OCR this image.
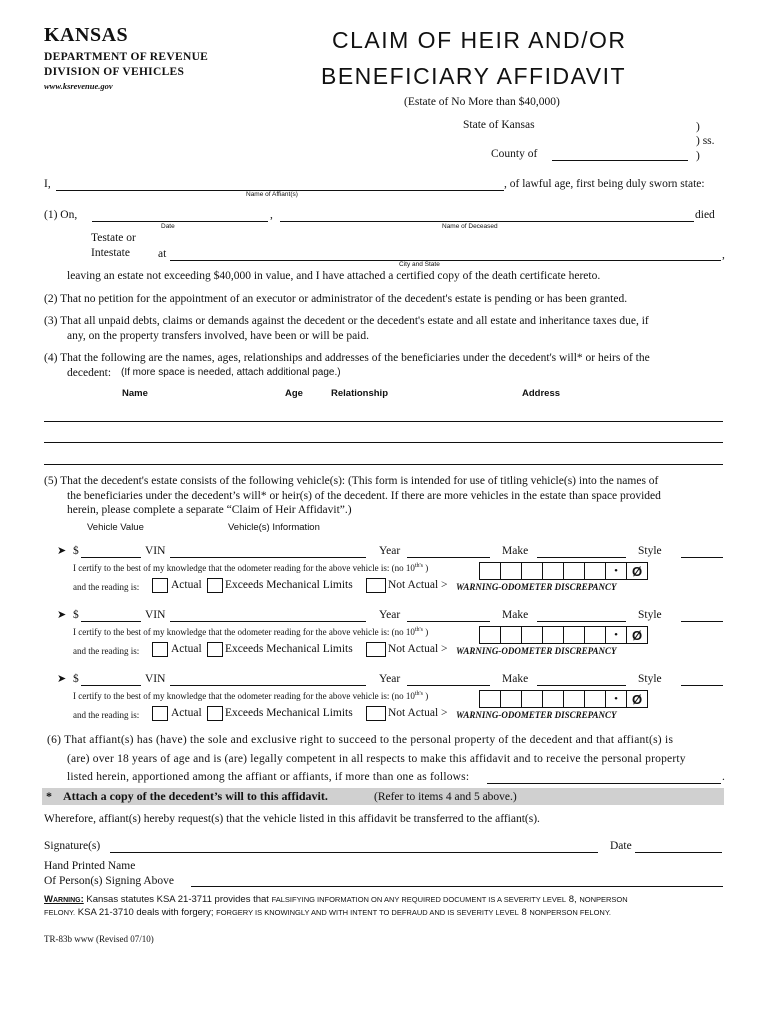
KANSAS
DEPARTMENT OF REVENUE
DIVISION OF VEHICLES
www.ksrevenue.gov
CLAIM OF HEIR AND/OR
BENEFICIARY AFFIDAVIT
(Estate of No More than $40,000)
State of Kansas	)
) ss.
County of	)
I,	, of lawful age, first being duly sworn state:
Name of Affiant(s)
(1) On,	,	died
Date	Name of Deceased
Testate or
Intestate at	,
City and State
leaving an estate not exceeding $40,000 in value, and I have attached a certified copy of the death certificate hereto.
(2) That no petition for the appointment of an executor or administrator of the decedent's estate is pending or has been granted.
(3) That all unpaid debts, claims or demands against the decedent or the decedent's estate and all estate and inheritance taxes due, if
any, on the property transfers involved, have been or will be paid.
(4) That the following are the names, ages, relationships and addresses of the beneficiaries under the decedent's will* or heirs of the
decedent: (If more space is needed, attach additional page.)
Name	Age	Relationship	Address
(5) That the decedent's estate consists of the following vehicle(s): (This form is intended for use of titling vehicle(s) into the names of
the beneficiaries under the decedent’s will* or heir(s) of the decedent. If there are more vehicles in the estate than space provided
herein, please complete a separate “Claim of Heir Affidavit”.)
Vehicle Value	Vehicle(s) Information
➤ $	VIN	Year	Make	Style
I certify to the best of my knowledge that the odometer reading for the above vehicle is: (no $10^{th's}$ )	•	Ø
and the reading is:	Actual Exceeds Mechanical Limits	Not Actual > WARNING-ODOMETER DISCREPANCY
➤ $	VIN	Year	Make	Style
I certify to the best of my knowledge that the odometer reading for the above vehicle is: (no $10^{th's}$ )	•	Ø
and the reading is:	Actual Exceeds Mechanical Limits	Not Actual > WARNING-ODOMETER DISCREPANCY
➤ $	VIN	Year	Make	Style
I certify to the best of my knowledge that the odometer reading for the above vehicle is: (no $10^{th's}$ )	•	Ø
and the reading is:	Actual Exceeds Mechanical Limits	Not Actual > WARNING-ODOMETER DISCREPANCY
(6) That affiant(s) has (have) the sole and exclusive right to succeed to the personal property of the decedent and that affiant(s) is
(are) over 18 years of age and is (are) legally competent in all respects to make this affidavit and to receive the personal property
listed herein, apportioned among the affiant or affiants, if more than one as follows:	.
* Attach a copy of the decedent’s will to this affidavit.	(Refer to items 4 and 5 above.)
Wherefore, affiant(s) hereby request(s) that the vehicle listed in this affidavit be transferred to the affiant(s).
Signature(s)	Date
Hand Printed Name
Of Person(s) Signing Above
Warning: Kansas statutes KSA 21-3711 provides that FALSIFYING INFORMATION ON ANY REQUIRED DOCUMENT IS A SEVERITY LEVEL 8, NONPERSON
FELONY. KSA 21-3710 deals with forgery; FORGERY IS KNOWINGLY AND WITH INTENT TO DEFRAUD AND IS SEVERITY LEVEL 8 NONPERSON FELONY.
TR-83b www (Revised 07/10)
